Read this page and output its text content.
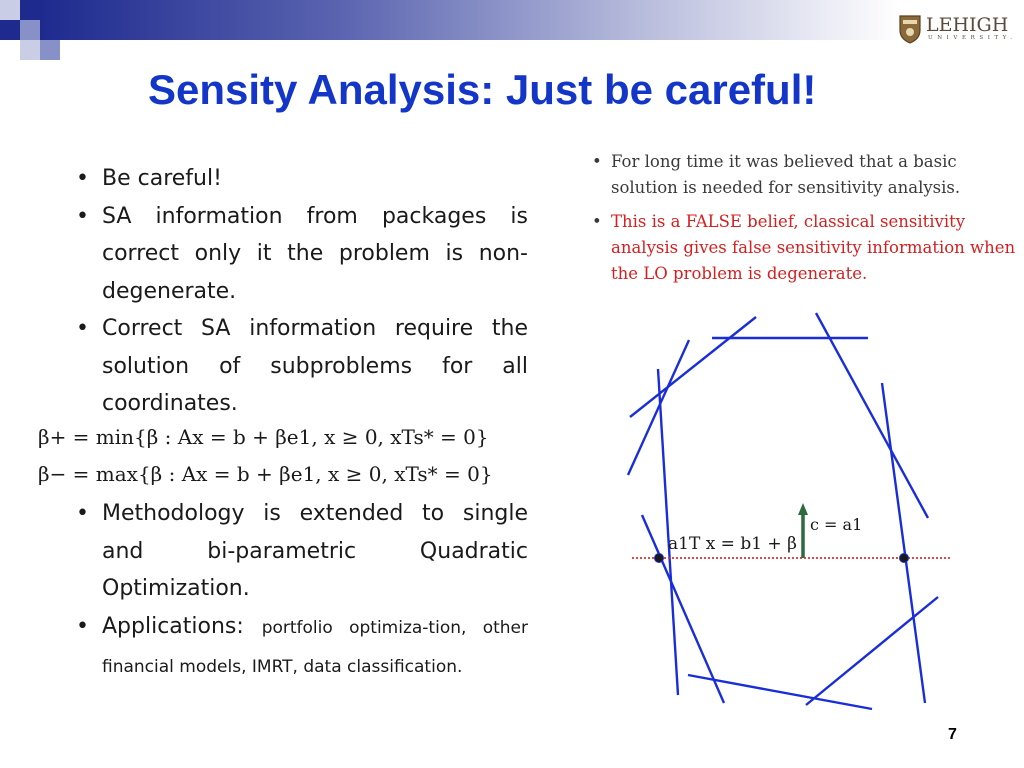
LEHIGH
UNIVERSITY.
Sensity Analysis: Just be careful!
• Be careful!
• SA information from packages is correct only it the problem is non-degenerate.
• Correct SA information require the solution of subproblems for all coordinates.
β+ = min{β : Ax = b + βe1, x ≥ 0, xTs* = 0}
β− = max{β : Ax = b + βe1, x ≥ 0, xTs* = 0}
• Methodology is extended to single and bi-parametric Quadratic Optimization.
• Applications: portfolio optimiza-tion, other financial models, IMRT, data classification.
• For long time it was believed that a basic solution is needed for sensitivity analysis.
• This is a FALSE belief, classical sensitivity analysis gives false sensitivity information when the LO problem is degenerate.
a1T x = b1 + β
c = a1
7
